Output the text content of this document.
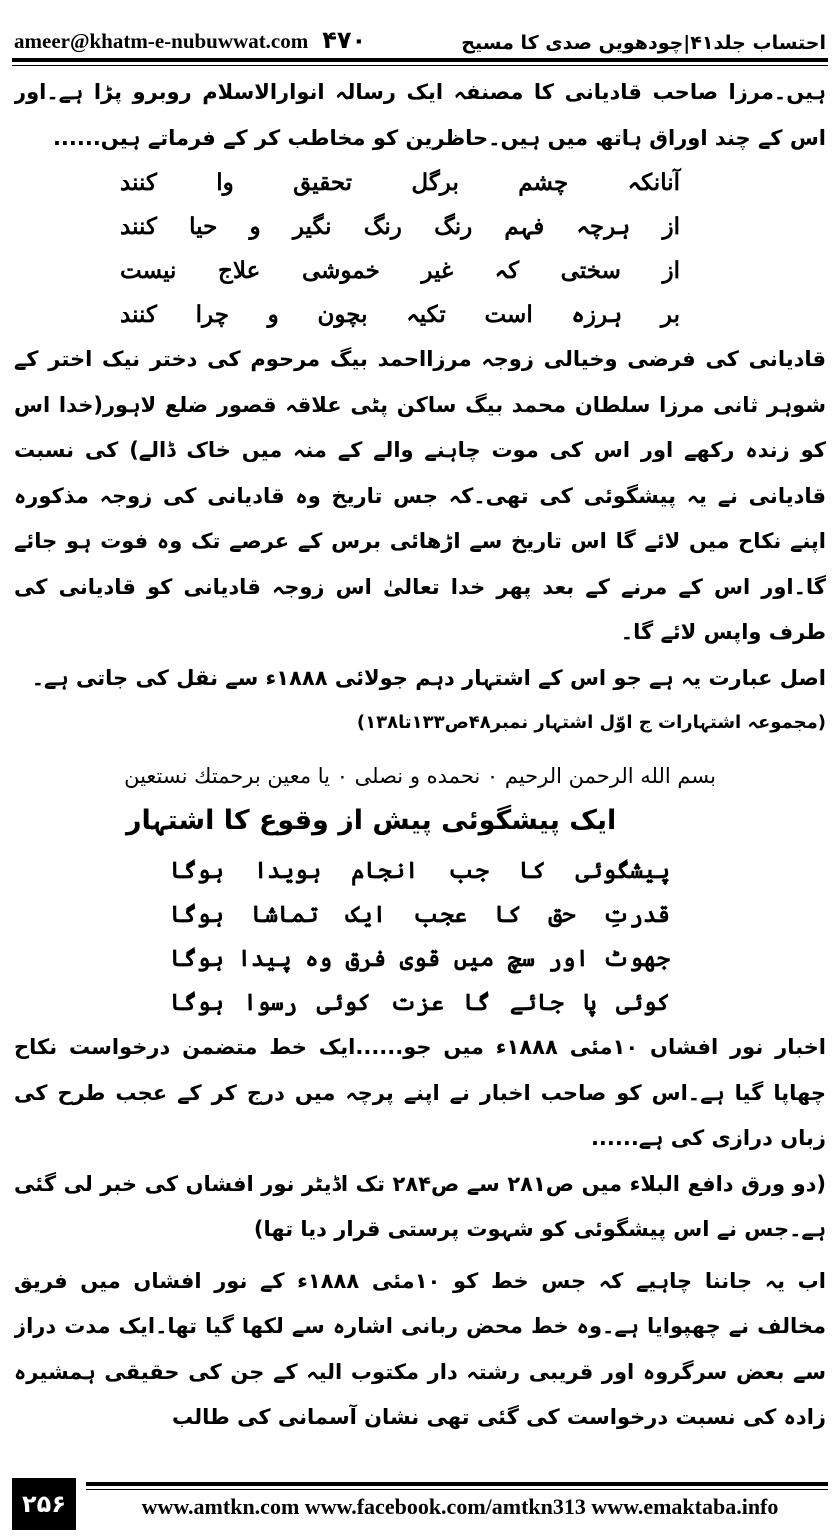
ameer@khatm-e-nubuwwat.com ۴۷۰	احتساب جلد۴۱|چودھویں صدی کا مسیح

ہیں۔مرزا صاحب قادیانی کا مصنفہ ایک رسالہ انوارالاسلام روبرو پڑا ہے۔اور اس کے چند اوراق ہاتھ میں ہیں۔حاظرین کو مخاطب کر کے فرماتے ہیں......

آنانکہ چشم برگل تحقیق وا کنند

از ہرچہ فہم رنگ رنگ نگیر و حیا کنند

از سختی کہ غیر خموشی علاج نیست

بر ہرزہ است تکیہ بچون و چرا کنند

قادیانی کی فرضی وخیالی زوجہ مرزااحمد بیگ مرحوم کی دختر نیک اختر کے شوہر ثانی مرزا سلطان محمد بیگ ساکن پٹی علاقہ قصور ضلع لاہور(خدا اس کو زندہ رکھے اور اس کی موت چاہنے والے کے منہ میں خاک ڈالے) کی نسبت قادیانی نے یہ پیشگوئی کی تھی۔کہ جس تاریخ وہ قادیانی کی زوجہ مذکورہ اپنے نکاح میں لائے گا اس تاریخ سے اڑھائی برس کے عرصے تک وہ فوت ہو جائے گا۔اور اس کے مرنے کے بعد پھر خدا تعالیٰ اس زوجہ قادیانی کو قادیانی کی طرف واپس لائے گا۔

اصل عبارت یہ ہے جو اس کے اشتہار دہم جولائی ۱۸۸۸ء سے نقل کی جاتی ہے۔

(مجموعہ اشتہارات ج اوّل اشتہار نمبر۴۸ص۱۳۳تا۱۳۸)

بسم الله الرحمن الرحيم ۰ نحمده و نصلى ۰ يا معين برحمتك نستعين

ایک پیشگوئی پیش از وقوع کا اشتہار

پیشگوئی کا جب انجام ہویدا ہوگا

قدرتِ حق کا عجب ایک تماشا ہوگا

جھوٹ اور سچ میں قوی فرق وہ پیدا ہوگا

کوئی پا جائے گا عزت کوئی رسوا ہوگا

اخبار نور افشاں ۱۰مئی ۱۸۸۸ء میں جو......ایک خط متضمن درخواست نکاح چھاپا گیا ہے۔اس کو صاحب اخبار نے اپنے پرچہ میں درج کر کے عجب طرح کی زباں درازی کی ہے......

(دو ورق دافع البلاء میں ص۲۸۱ سے ص۲۸۴ تک اڈیٹر نور افشاں کی خبر لی گئی ہے۔جس نے اس پیشگوئی کو شہوت پرستی قرار دیا تھا)

اب یہ جاننا چاہیے کہ جس خط کو ۱۰مئی ۱۸۸۸ء کے نور افشاں میں فریق مخالف نے چھپوایا ہے۔وہ خط محض ربانی اشارہ سے لکھا گیا تھا۔ایک مدت دراز سے بعض سرگروہ اور قریبی رشتہ دار مکتوب الیہ کے جن کی حقیقی ہمشیرہ زادہ کی نسبت درخواست کی گئی تھی نشان آسمانی کی طالب

۲۵۶	www.amtkn.com www.facebook.com/amtkn313 www.emaktaba.info
